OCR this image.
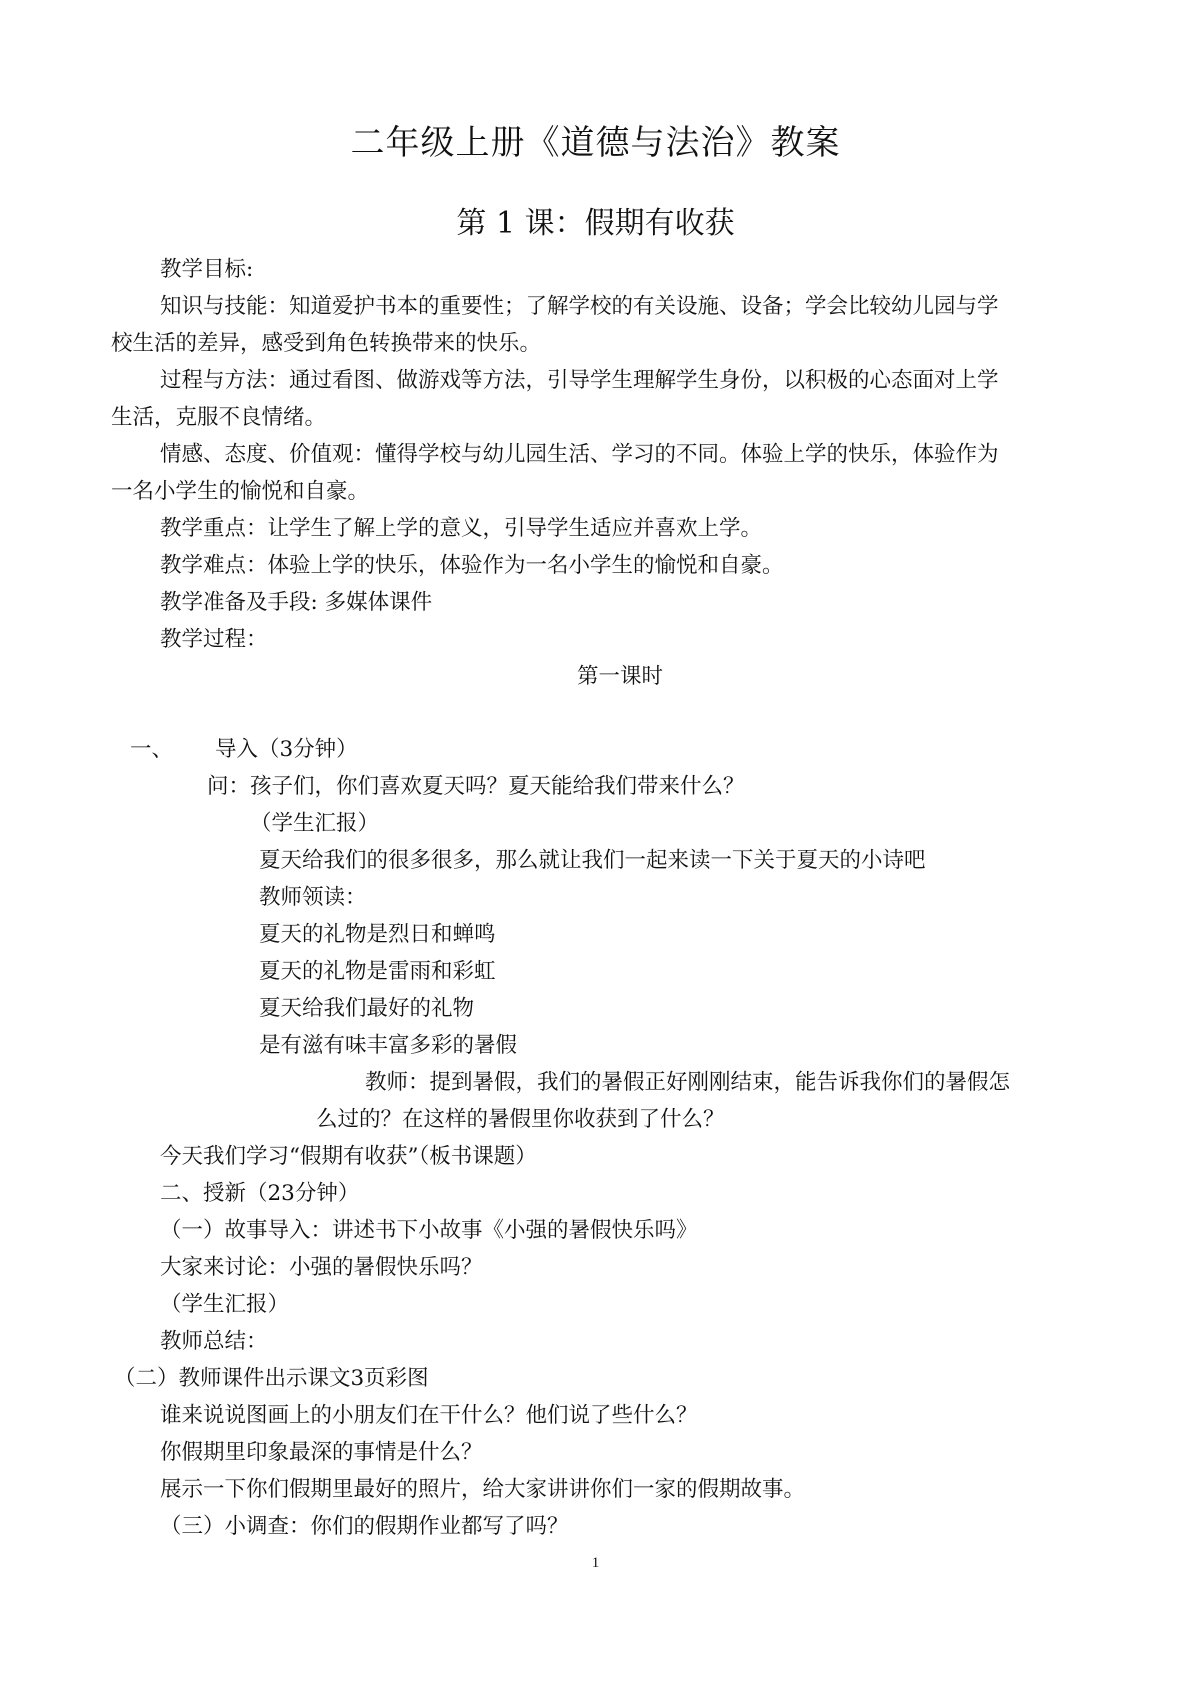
二年级上册《道德与法治》教案
第 1 课：假期有收获
教学目标:
知识与技能：知道爱护书本的重要性；了解学校的有关设施、设备；学会比较幼儿园与学
校生活的差异，感受到角色转换带来的快乐。
过程与方法：通过看图、做游戏等方法，引导学生理解学生身份，以积极的心态面对上学
生活，克服不良情绪。
情感、态度、价值观：懂得学校与幼儿园生活、学习的不同。体验上学的快乐，体验作为
一名小学生的愉悦和自豪。
教学重点：让学生了解上学的意义，引导学生适应并喜欢上学。
教学难点：体验上学的快乐，体验作为一名小学生的愉悦和自豪。
教学准备及手段: 多媒体课件
教学过程：
第一课时
一、 导入（3分钟）
问：孩子们，你们喜欢夏天吗？夏天能给我们带来什么？
（学生汇报）
夏天给我们的很多很多，那么就让我们一起来读一下关于夏天的小诗吧
教师领读：
夏天的礼物是烈日和蝉鸣
夏天的礼物是雷雨和彩虹
夏天给我们最好的礼物
是有滋有味丰富多彩的暑假
教师：提到暑假，我们的暑假正好刚刚结束，能告诉我你们的暑假怎
么过的？在这样的暑假里你收获到了什么？
今天我们学习“假期有收获”（板书课题）
二、授新（23分钟）
（一）故事导入：讲述书下小故事《小强的暑假快乐吗》
大家来讨论：小强的暑假快乐吗？
（学生汇报）
教师总结：
（二）教师课件出示课文3页彩图
谁来说说图画上的小朋友们在干什么？他们说了些什么？
你假期里印象最深的事情是什么？
展示一下你们假期里最好的照片，给大家讲讲你们一家的假期故事。
（三）小调查：你们的假期作业都写了吗？
1
